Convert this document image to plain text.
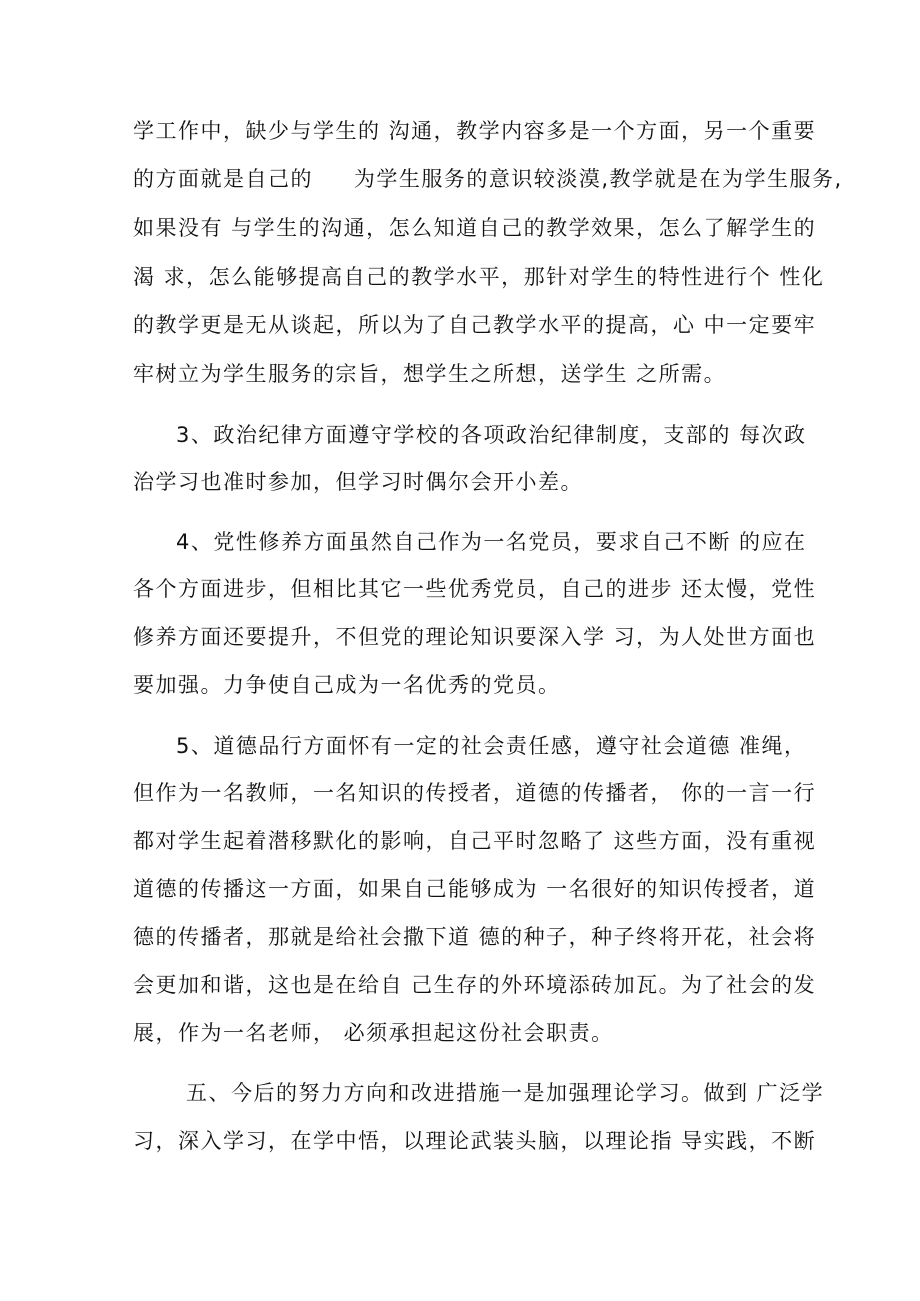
学工作中，缺少与学生的 沟通，教学内容多是一个方面，另一个重要
的方面就是自己的     为学生服务的意识较淡漠,教学就是在为学生服务,
如果没有 与学生的沟通，怎么知道自己的教学效果，怎么了解学生的
渴 求，怎么能够提高自己的教学水平，那针对学生的特性进行个 性化
的教学更是无从谈起，所以为了自己教学水平的提高，心 中一定要牢
牢树立为学生服务的宗旨，想学生之所想，送学生 之所需。
3、政治纪律方面遵守学校的各项政治纪律制度，支部的 每次政
治学习也准时参加，但学习时偶尔会开小差。
4、党性修养方面虽然自己作为一名党员，要求自己不断 的应在
各个方面进步，但相比其它一些优秀党员，自己的进步 还太慢，党性
修养方面还要提升，不但党的理论知识要深入学 习，为人处世方面也
要加强。力争使自己成为一名优秀的党员。
5、道德品行方面怀有一定的社会责任感，遵守社会道德 准绳，
但作为一名教师，一名知识的传授者，道德的传播者， 你的一言一行
都对学生起着潜移默化的影响，自己平时忽略了 这些方面，没有重视
道德的传播这一方面，如果自己能够成为 一名很好的知识传授者，道
德的传播者，那就是给社会撒下道 德的种子，种子终将开花，社会将
会更加和谐，这也是在给自 己生存的外环境添砖加瓦。为了社会的发
展，作为一名老师， 必须承担起这份社会职责。
五、今后的努力方向和改进措施一是加强理论学习。做到 广泛学
习，深入学习，在学中悟，以理论武装头脑，以理论指 导实践，不断
